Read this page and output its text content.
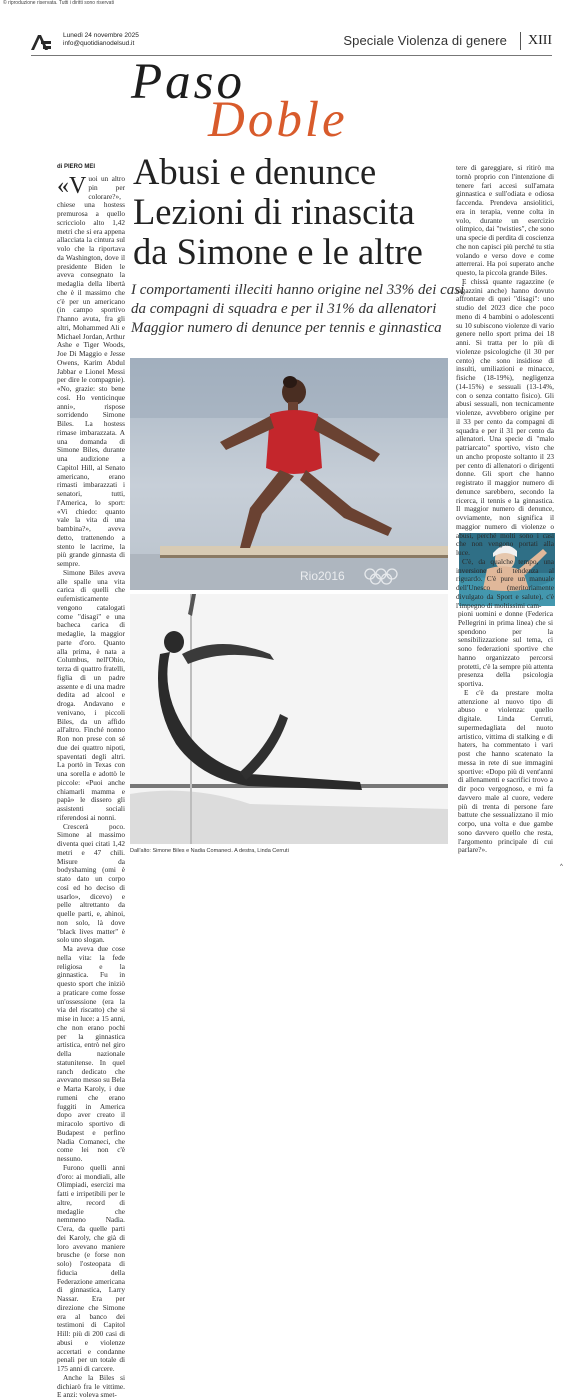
© riproduzione riservata. Tutti i diritti sono riservati
Lunedì 24 novembre 2025
info@quotidianodelsud.it	Speciale Violenza di genere XIII
Paso
Doble
di PIERO MEI Abusi e denunce
Lezioni di rinascita
da Simone e le altre
I comportamenti illeciti hanno origine nel 33% dei casi
da compagni di squadra e per il 31% da allenatori
Maggior numero di denunce per tennis e ginnastica

«Vuoi un altro pin per colorare?», chiese una hostess premurosa a quello scricciolo alto 1,42 metri che si era appena allacciata la cintura sul volo che la riportava da Washington, dove il presidente Biden le aveva consegnato la medaglia della libertà che è il massimo che c'è per un americano (in campo sportivo l'hanno avuta, fra gli altri, Mohammed Ali e Michael Jordan, Arthur Ashe e Tiger Woods, Joe Di Maggio e Jesse Owens, Karim Abdul Jabbar e Lionel Messi per dire le compagnie). «No, grazie: sto bene così. Ho venticinque anni», rispose sorridendo Simone Biles. La hostess rimase imbarazzata. A una domanda di Simone Biles, durante una audizione a Capitol Hill, al Senato americano, erano rimasti imbarazzati i senatori, tutti, l'America, lo sport: «Vi chiedo: quanto vale la vita di una bambina?», aveva detto, trattenendo a stento le lacrime, la più grande ginnasta di sempre.

Simone Biles aveva alle spalle una vita carica di quelli che eufemisticamente vengono catalogati come "disagi" e una bacheca carica di medaglie, la maggior parte d'oro. Quanto alla prima, è nata a Columbus, nell'Ohio, terza di quattro fratelli, figlia di un padre assente e di una madre dedita ad alcool e droga. Andavano e venivano, i piccoli Biles, da un affido all'altro. Finché nonno Ron non prese con sé due dei quattro nipoti, spaventati degli altri. La portò in Texas con una sorella e adottò le piccole: «Puoi anche chiamarli mamma e papà» le dissero gli assistenti sociali riferendosi ai nonni.

Crescerà poco. Simone al massimo diventa quei citati 1,42 metri e 47 chili. Misure da bodyshaming (omi è stato dato un corpo così ed ho deciso di usarlo», dicevo) e pelle altrettanto da quelle parti, e, ahinoi, non solo, là dove "black lives matter" è solo uno slogan.

Ma aveva due cose nella vita: la fede religiosa e la ginnastica. Fu in questo sport che iniziò a praticare come fosse un'ossessione (era la via del riscatto) che si mise in luce: a 15 anni, che non erano pochi per la ginnastica artistica, entrò nel giro della nazionale statunitense. In quel ranch dedicato che avevano messo su Bela e Marta Karoly, i due rumeni che erano fuggiti in America dopo aver creato il miracolo sportivo di Budapest e perfino Nadia Comaneci, che come lei non c'è nessuno.

Furono quelli anni d'oro: ai mondiali, alle Olimpiadi, esercizi ma fatti e irripetibili per le altre, record di medaglie che nemmeno Nadia. C'era, da quelle parti dei Karoly, che già di loro avevano maniere brusche (e forse non solo) l'osteopata di fiducia della Federazione americana di ginnastica, Larry Nassar. Era per direzione che Simone era al banco dei testimoni di Capitol Hill: più di 200 casi di abusi e violenze accertati e condanne penali per un totale di 175 anni di carcere.

Anche la Biles si dichiarò fra le vittime. E anzi: voleva smet-

Rio2016

tere di gareggiare, si ritirò ma tornò proprio con l'intenzione di tenere fari accesi sull'amata ginnastica e sull'odiata e odiosa faccenda. Prendeva ansiolitici, era in terapia, venne colta in volo, durante un esercizio olimpico, dai "twisties", che sono una specie di perdita di coscienza che non capisci più perché tu stia volando e verso dove e come atterrerai. Ha poi superato anche questo, la piccola grande Biles.

E chissà quante ragazzine (e ragazzini anche) hanno dovuto affrontare di quei "disagi": uno studio del 2023 dice che poco meno di 4 bambini o adolescenti su 10 subiscono violenze di vario genere nello sport prima dei 18 anni. Si tratta per lo più di violenze psicologiche (il 30 per cento) che sono insidiose di insulti, umiliazioni e minacce, fisiche (18-19%), negligenza (14-15%) e sessuali (13-14%, con o senza contatto fisico). Gli abusi sessuali, non tecnicamente violenze, avvebbero origine per il 33 per cento da compagni di squadra e per il 31 per cento da allenatori. Una specie di "malo patriarcato" sportivo, visto che un ancho proposte soltanto il 23 per cento di allenatori o dirigenti donne. Gli sport che hanno registrato il maggior numero di denunce sarebbero, secondo la ricerca, il tennis e la ginnastica. Il maggior numero di denunce, ovviamente, non significa il maggior numero di violenze o abusi, perché molti sono i casi che non vengono portati alla luce.

C'è, da qualche tempo, una inversione di tendenza al riguardo. C'è pure un manuale dell'Unesco (meritoriamente divulgato da Sport e salute), c'è l'impegno di moltissimi cam-

pioni uomini e donne (Federica Pellegrini in prima linea) che si spendono per la sensibilizzazione sul tema, ci sono federazioni sportive che hanno organizzato percorsi protetti, c'è la sempre più attenta presenza della psicologia sportiva.

E c'è da prestare molta attenzione al nuovo tipo di abuso e violenza: quello digitale. Linda Cerruti, supermedagliata del nuoto artistico, vittima di stalking e di haters, ha commentato i vari post che hanno scatenato la messa in rete di sue immagini sportive: «Dopo più di vent'anni di allenamenti e sacrifici trovo a dir poco vergognoso, e mi fa davvero male al cuore, vedere più di trenta di persone fare battute che sessualizzano il mio corpo, una volta e due gambe sono davvero quello che resta, l'argomento principale di cui parlare?».

Dall'alto: Simone Biles e Nadia Comaneci. A destra, Linda Cerruti
^
